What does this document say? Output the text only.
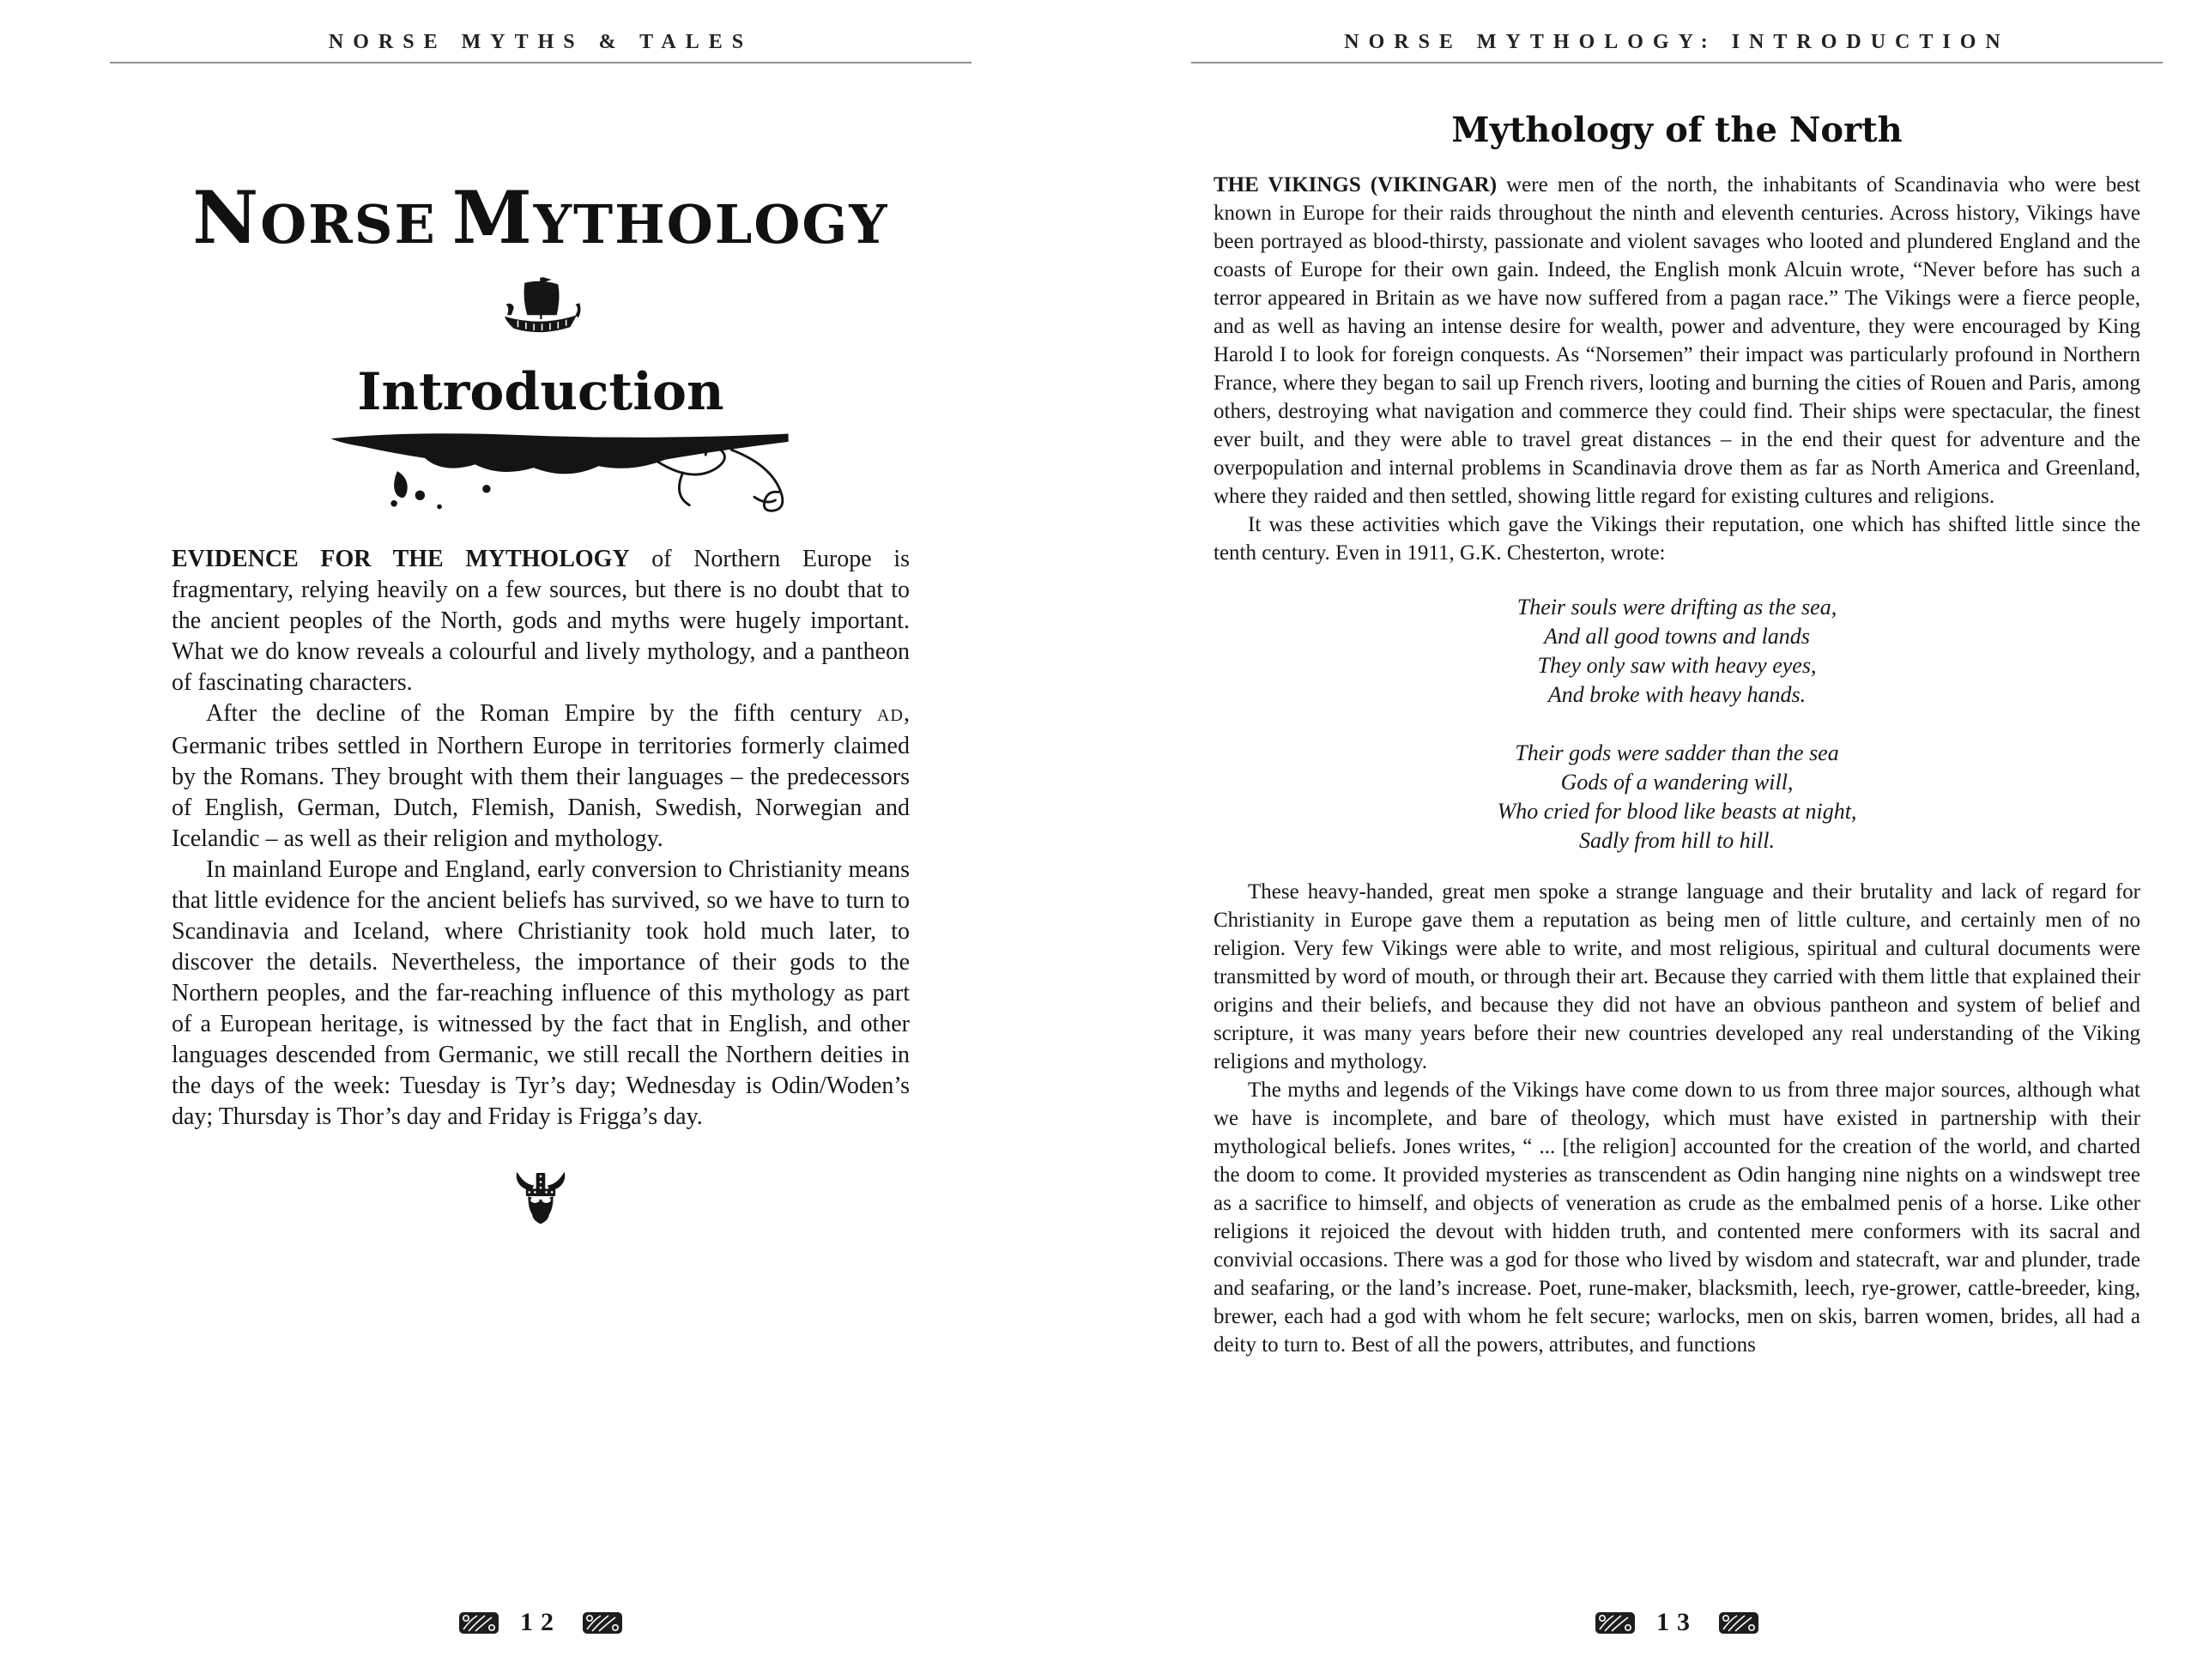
NORSE MYTHS & TALES
NORSE MYTHOLOGY
Introduction

EVIDENCE FOR THE MYTHOLOGY of Northern Europe is fragmentary, relying heavily on a few sources, but there is no doubt that to the ancient peoples of the North, gods and myths were hugely important. What we do know reveals a colourful and lively mythology, and a pantheon of fascinating characters.

After the decline of the Roman Empire by the fifth century AD, Germanic tribes settled in Northern Europe in territories formerly claimed by the Romans. They brought with them their languages – the predecessors of English, German, Dutch, Flemish, Danish, Swedish, Norwegian and Icelandic – as well as their religion and mythology.

In mainland Europe and England, early conversion to Christianity means that little evidence for the ancient beliefs has survived, so we have to turn to Scandinavia and Iceland, where Christianity took hold much later, to discover the details. Nevertheless, the importance of their gods to the Northern peoples, and the far-reaching influence of this mythology as part of a European heritage, is witnessed by the fact that in English, and other languages descended from Germanic, we still recall the Northern deities in the days of the week: Tuesday is Tyr’s day; Wednesday is Odin/Woden’s day; Thursday is Thor’s day and Friday is Frigga’s day.

12
NORSE MYTHOLOGY: INTRODUCTION
Mythology of the North

THE VIKINGS (VIKINGAR) were men of the north, the inhabitants of Scandinavia who were best known in Europe for their raids throughout the ninth and eleventh centuries. Across history, Vikings have been portrayed as blood-thirsty, passionate and violent savages who looted and plundered England and the coasts of Europe for their own gain. Indeed, the English monk Alcuin wrote, “Never before has such a terror appeared in Britain as we have now suffered from a pagan race.” The Vikings were a fierce people, and as well as having an intense desire for wealth, power and adventure, they were encouraged by King Harold I to look for foreign conquests. As “Norsemen” their impact was particularly profound in Northern France, where they began to sail up French rivers, looting and burning the cities of Rouen and Paris, among others, destroying what navigation and commerce they could find. Their ships were spectacular, the finest ever built, and they were able to travel great distances – in the end their quest for adventure and the overpopulation and internal problems in Scandinavia drove them as far as North America and Greenland, where they raided and then settled, showing little regard for existing cultures and religions.

It was these activities which gave the Vikings their reputation, one which has shifted little since the tenth century. Even in 1911, G.K. Chesterton, wrote:

Their souls were drifting as the sea,
And all good towns and lands
They only saw with heavy eyes,
And broke with heavy hands.

Their gods were sadder than the sea
Gods of a wandering will,
Who cried for blood like beasts at night,
Sadly from hill to hill.

These heavy-handed, great men spoke a strange language and their brutality and lack of regard for Christianity in Europe gave them a reputation as being men of little culture, and certainly men of no religion. Very few Vikings were able to write, and most religious, spiritual and cultural documents were transmitted by word of mouth, or through their art. Because they carried with them little that explained their origins and their beliefs, and because they did not have an obvious pantheon and system of belief and scripture, it was many years before their new countries developed any real understanding of the Viking religions and mythology.

The myths and legends of the Vikings have come down to us from three major sources, although what we have is incomplete, and bare of theology, which must have existed in partnership with their mythological beliefs. Jones writes, “ ... [the religion] accounted for the creation of the world, and charted the doom to come. It provided mysteries as transcendent as Odin hanging nine nights on a windswept tree as a sacrifice to himself, and objects of veneration as crude as the embalmed penis of a horse. Like other religions it rejoiced the devout with hidden truth, and contented mere conformers with its sacral and convivial occasions. There was a god for those who lived by wisdom and statecraft, war and plunder, trade and seafaring, or the land’s increase. Poet, rune-maker, blacksmith, leech, rye-grower, cattle-breeder, king, brewer, each had a god with whom he felt secure; warlocks, men on skis, barren women, brides, all had a deity to turn to. Best of all the powers, attributes, and functions

13
